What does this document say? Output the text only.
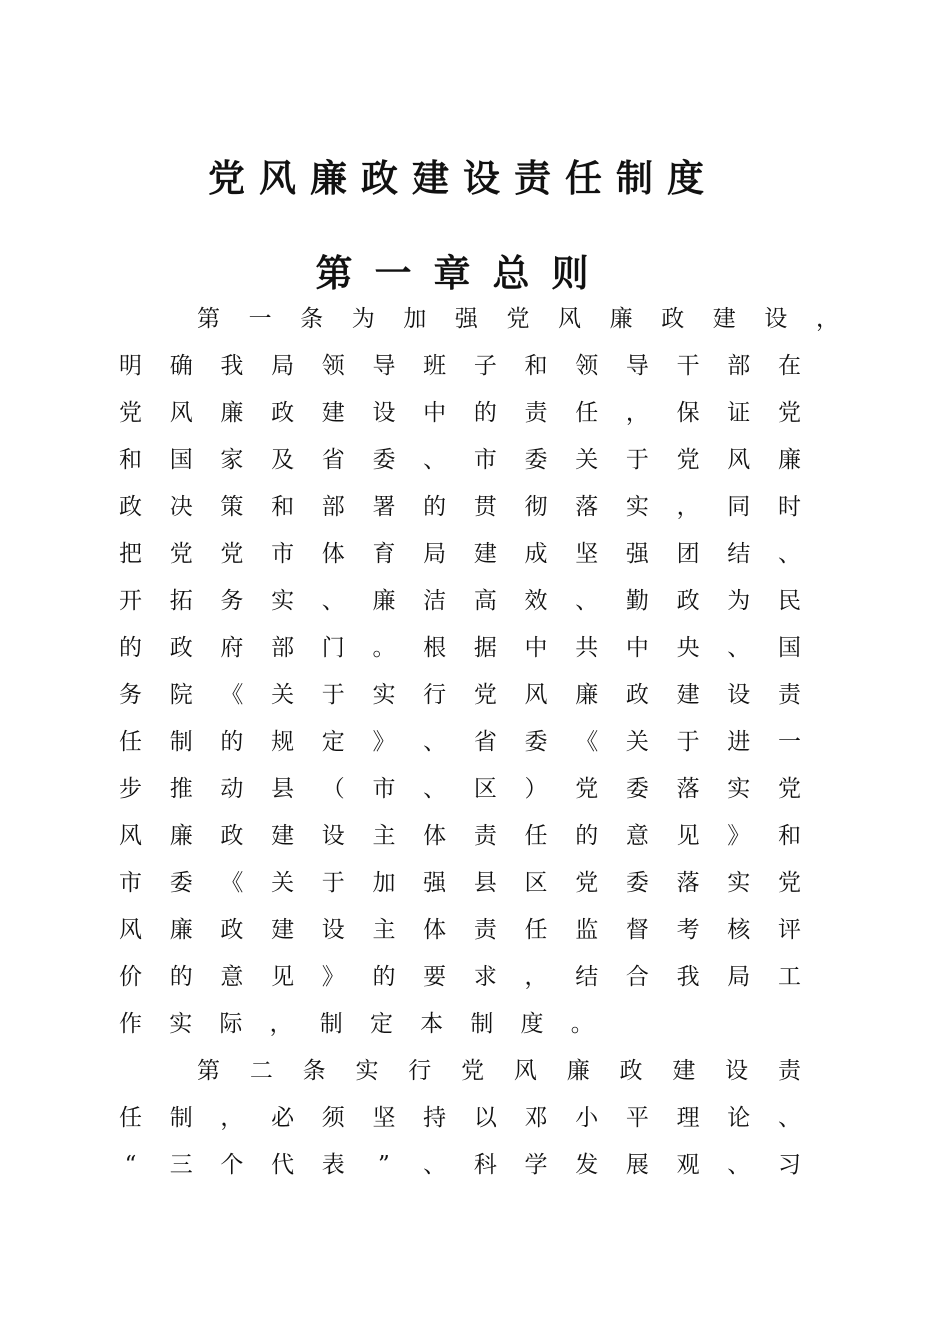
党风廉政建设责任制度
第一章总则
第 一 条 为 加 强 党 风 廉 政 建 设 ，
明 确 我 局 领 导 班 子 和 领 导 干 部 在
党 风 廉 政 建 设 中 的 责 任 ， 保 证 党
和 国 家 及 省 委 、 市 委 关 于 党 风 廉
政 决 策 和 部 署 的 贯 彻 落 实 ， 同 时
把 党 党 市 体 育 局 建 成 坚 强 团 结 、
开 拓 务 实 、 廉 洁 高 效 、 勤 政 为 民
的 政 府 部 门 。 根 据 中 共 中 央 、 国
务 院 《 关 于 实 行 党 风 廉 政 建 设 责
任 制 的 规 定 》 、 省 委 《 关 于 进 一
步 推 动 县 （ 市 、 区 ） 党 委 落 实 党
风 廉 政 建 设 主 体 责 任 的 意 见 》 和
市 委 《 关 于 加 强 县 区 党 委 落 实 党
风 廉 政 建 设 主 体 责 任 监 督 考 核 评
价 的 意 见 》 的 要 求 ， 结 合 我 局 工
作 实 际 ， 制 定 本 制 度 。
第 二 条 实 行 党 风 廉 政 建 设 责
任 制 ， 必 须 坚 持 以 邓 小 平 理 论 、
“ 三 个 代 表 ” 、 科 学 发 展 观 、 习
